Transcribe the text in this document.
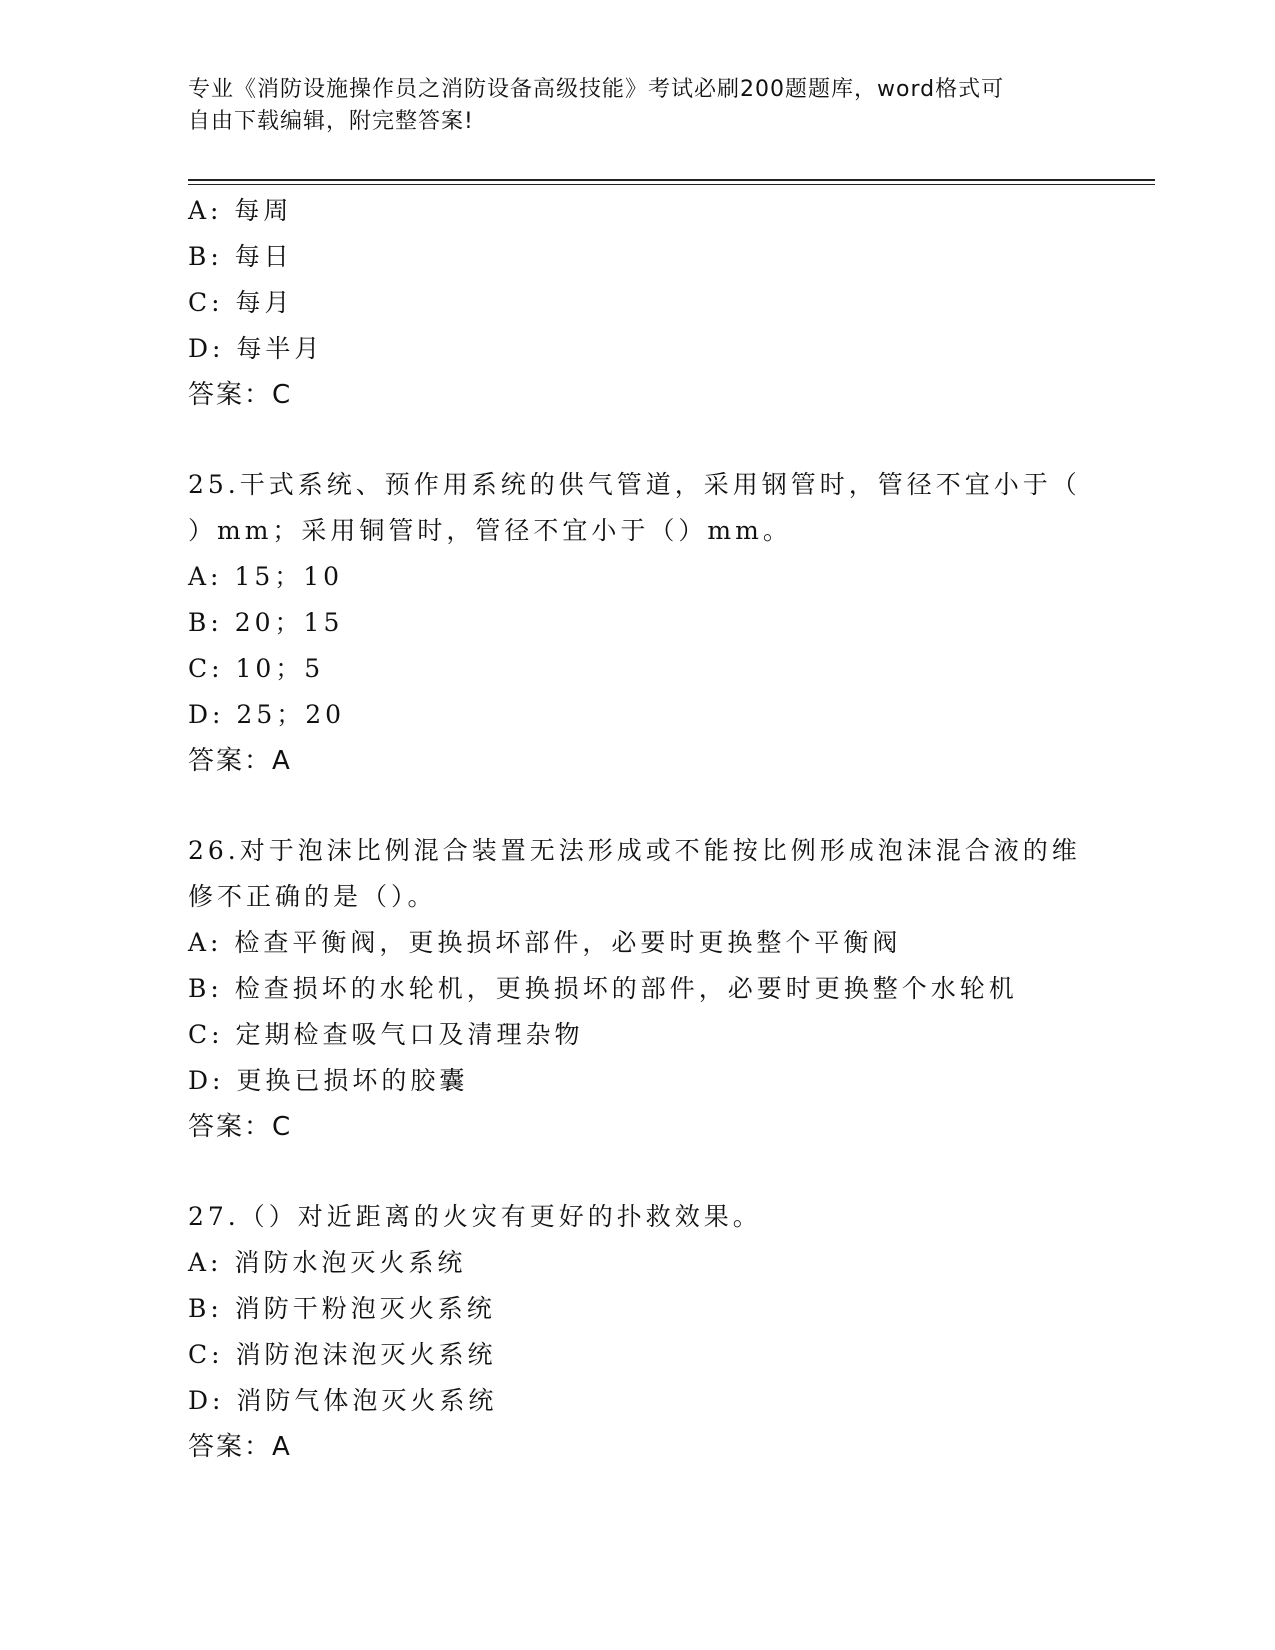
专业《消防设施操作员之消防设备高级技能》考试必刷200题题库，word格式可
自由下载编辑，附完整答案!
A: 每周
B: 每日
C: 每月
D: 每半月
答案：C
25.干式系统、预作用系统的供气管道，采用钢管时，管径不宜小于（
）mm；采用铜管时，管径不宜小于（）mm。
A: 15；10
B: 20；15
C: 10；5
D: 25；20
答案：A
26.对于泡沫比例混合装置无法形成或不能按比例形成泡沫混合液的维
修不正确的是（）。
A: 检查平衡阀，更换损坏部件，必要时更换整个平衡阀
B: 检查损坏的水轮机，更换损坏的部件，必要时更换整个水轮机
C: 定期检查吸气口及清理杂物
D: 更换已损坏的胶囊
答案：C
27.（）对近距离的火灾有更好的扑救效果。
A: 消防水泡灭火系统
B: 消防干粉泡灭火系统
C: 消防泡沫泡灭火系统
D: 消防气体泡灭火系统
答案：A
